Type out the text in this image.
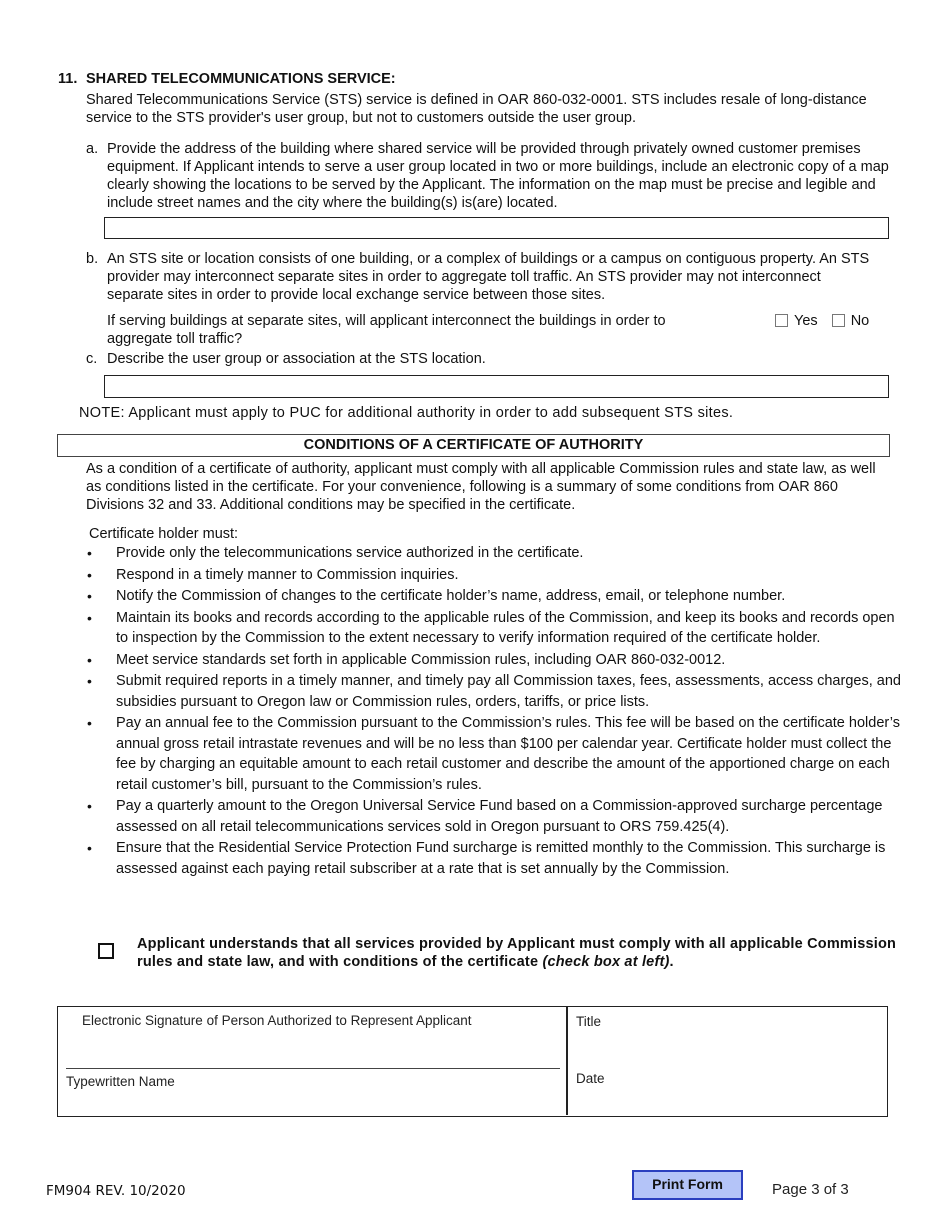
11. SHARED TELECOMMUNICATIONS SERVICE:
Shared Telecommunications Service (STS) service is defined in OAR 860-032-0001. STS includes resale of long-distance service to the STS provider's user group, but not to customers outside the user group.
a. Provide the address of the building where shared service will be provided through privately owned customer premises equipment. If Applicant intends to serve a user group located in two or more buildings, include an electronic copy of a map clearly showing the locations to be served by the Applicant. The information on the map must be precise and legible and include street names and the city where the building(s) is(are) located.
b. An STS site or location consists of one building, or a complex of buildings or a campus on contiguous property. An STS provider may interconnect separate sites in order to aggregate toll traffic. An STS provider may not interconnect separate sites in order to provide local exchange service between those sites.
If serving buildings at separate sites, will applicant interconnect the buildings in order to aggregate toll traffic?
Yes No
c. Describe the user group or association at the STS location.
NOTE: Applicant must apply to PUC for additional authority in order to add subsequent STS sites.
CONDITIONS OF A CERTIFICATE OF AUTHORITY
As a condition of a certificate of authority, applicant must comply with all applicable Commission rules and state law, as well as conditions listed in the certificate. For your convenience, following is a summary of some conditions from OAR 860 Divisions 32 and 33. Additional conditions may be specified in the certificate.
Certificate holder must:
• Provide only the telecommunications service authorized in the certificate.
• Respond in a timely manner to Commission inquiries.
• Notify the Commission of changes to the certificate holder’s name, address, email, or telephone number.
• Maintain its books and records according to the applicable rules of the Commission, and keep its books and records open to inspection by the Commission to the extent necessary to verify information required of the certificate holder.
• Meet service standards set forth in applicable Commission rules, including OAR 860-032-0012.
• Submit required reports in a timely manner, and timely pay all Commission taxes, fees, assessments, access charges, and subsidies pursuant to Oregon law or Commission rules, orders, tariffs, or price lists.
• Pay an annual fee to the Commission pursuant to the Commission’s rules. This fee will be based on the certificate holder’s annual gross retail intrastate revenues and will be no less than $100 per calendar year. Certificate holder must collect the fee by charging an equitable amount to each retail customer and describe the amount of the apportioned charge on each retail customer’s bill, pursuant to the Commission’s rules.
• Pay a quarterly amount to the Oregon Universal Service Fund based on a Commission-approved surcharge percentage assessed on all retail telecommunications services sold in Oregon pursuant to ORS 759.425(4).
• Ensure that the Residential Service Protection Fund surcharge is remitted monthly to the Commission. This surcharge is assessed against each paying retail subscriber at a rate that is set annually by the Commission.
Applicant understands that all services provided by Applicant must comply with all applicable Commission rules and state law, and with conditions of the certificate (check box at left).
Electronic Signature of Person Authorized to Represent Applicant
Typewritten Name
Title
Date
FM904 REV. 10/2020	Print Form	Page 3 of 3
